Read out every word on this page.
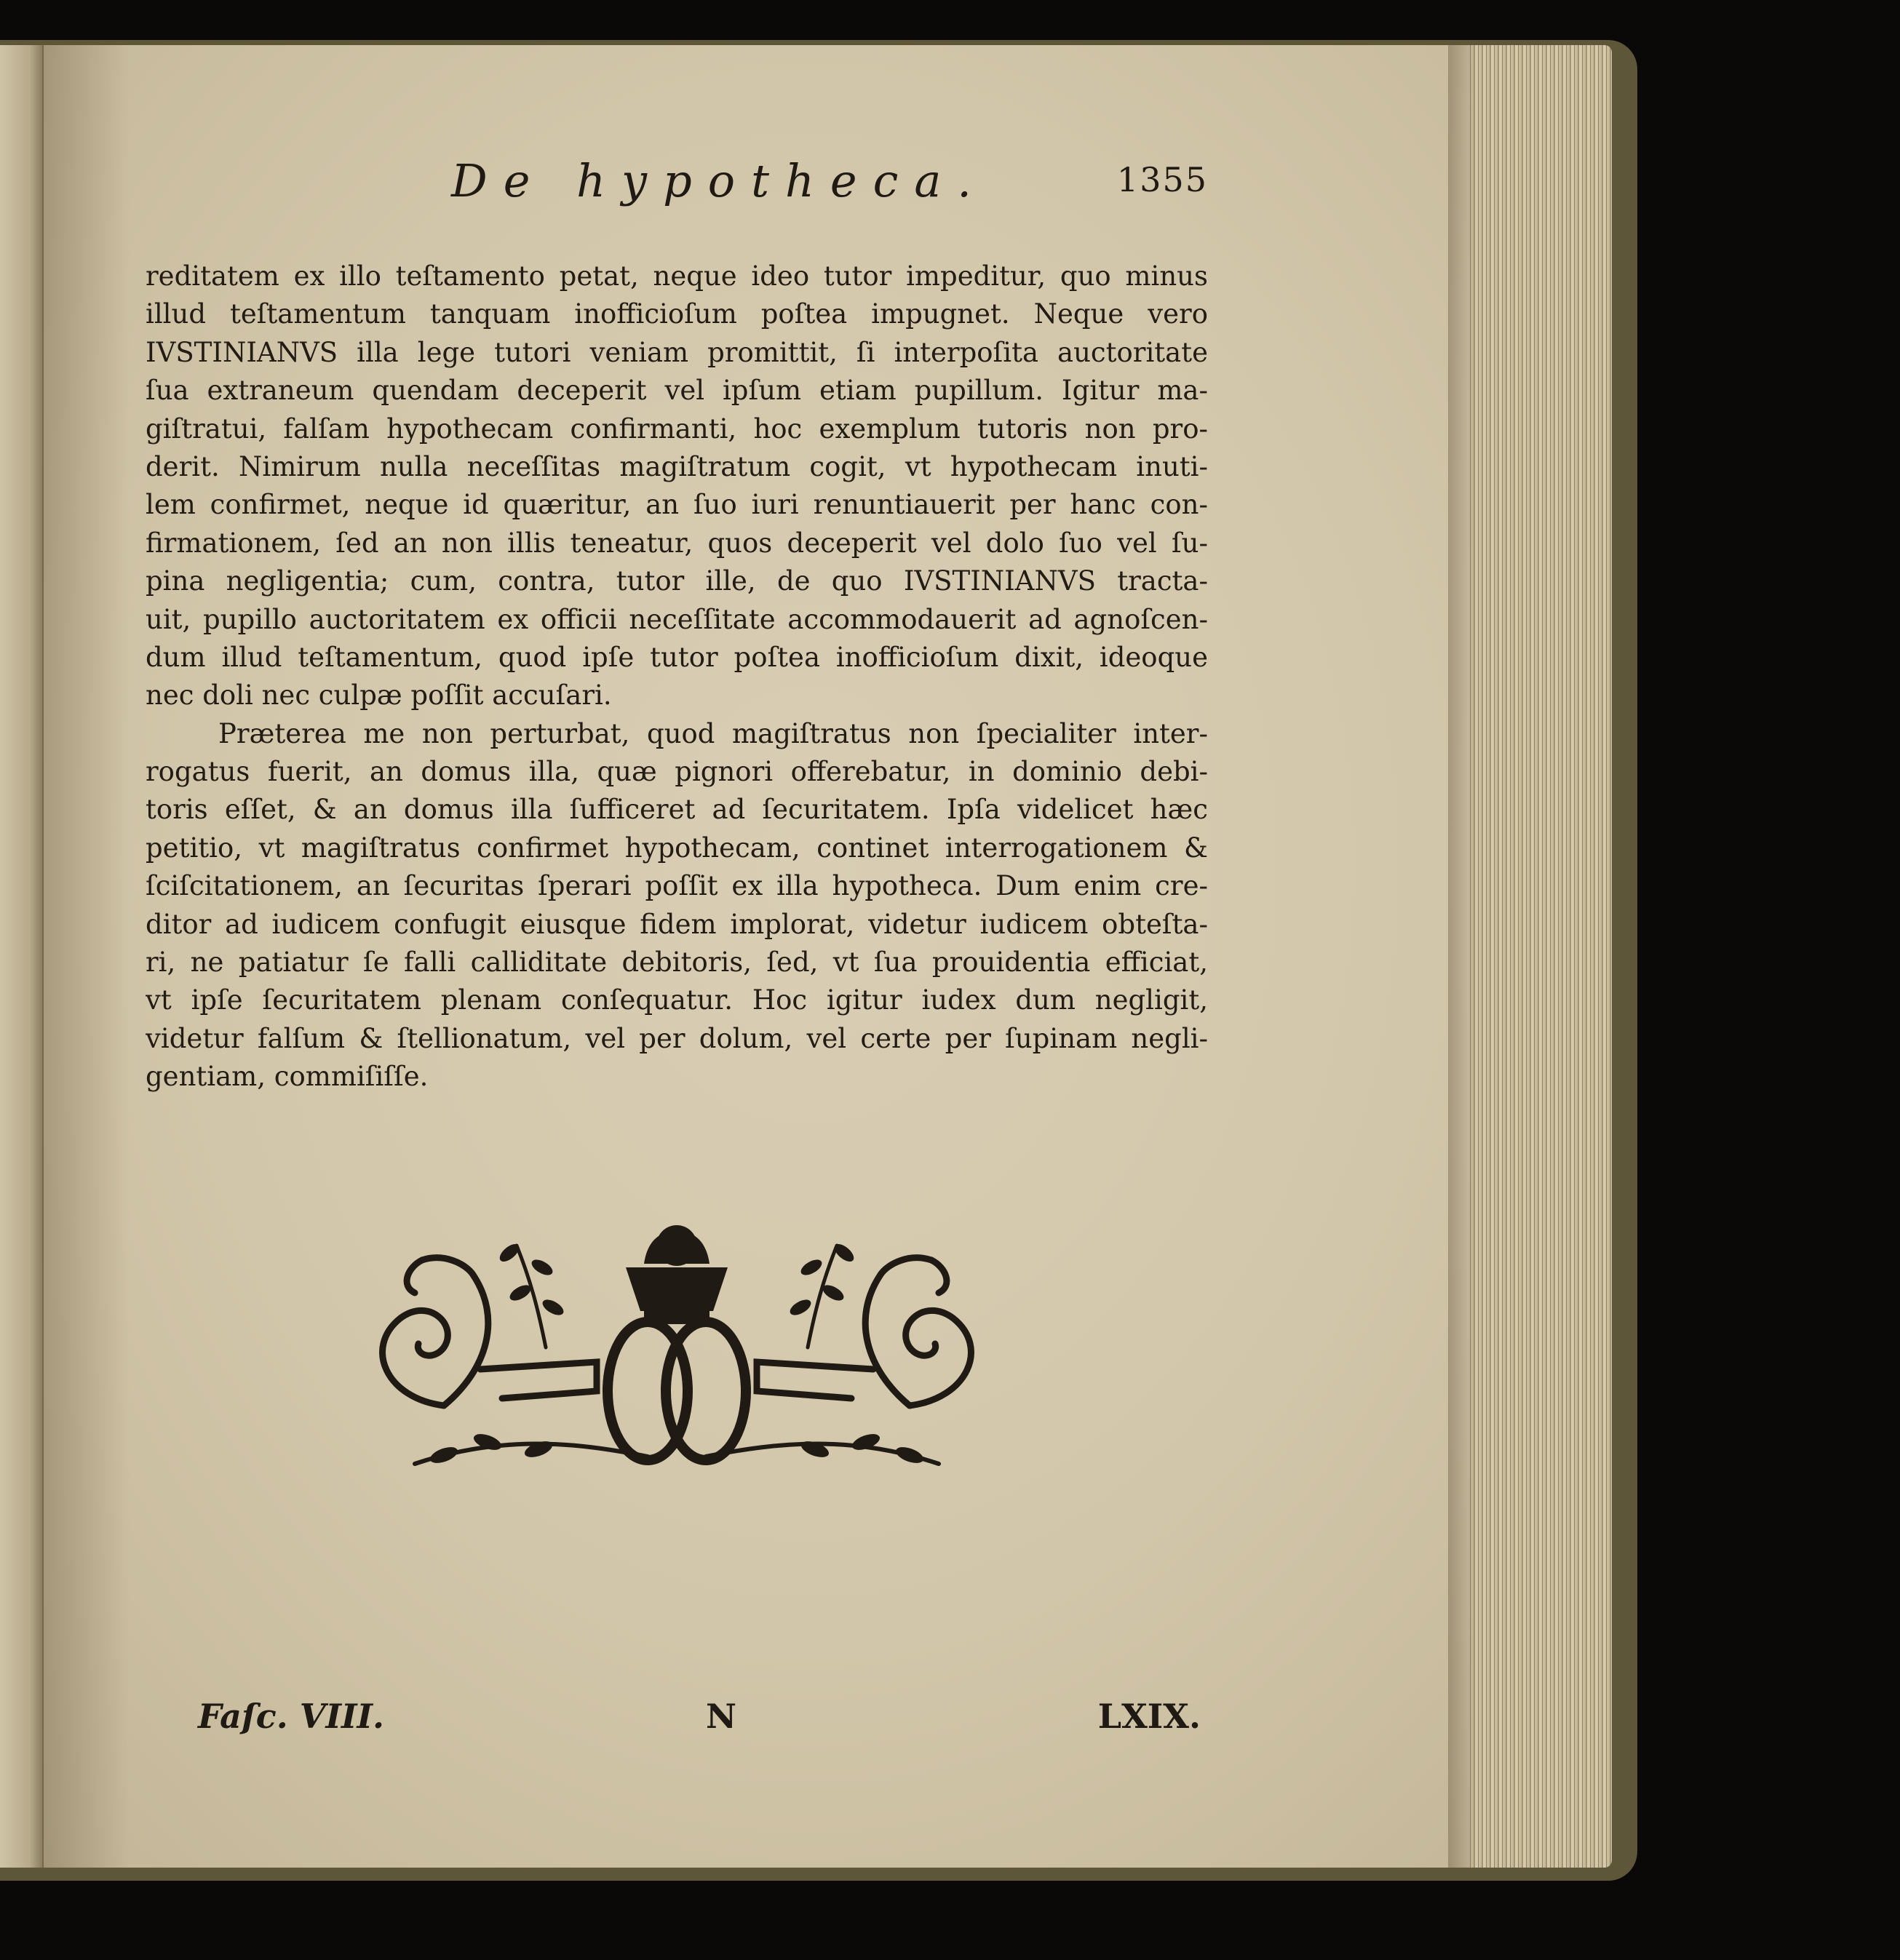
De hypotheca.	1355
reditatem ex illo teſtamento petat, neque ideo tutor impeditur, quo minus
illud teſtamentum tanquam inofficioſum poſtea impugnet. Neque vero
IVSTINIANVS illa lege tutori veniam promittit, ſi interpoſita auctoritate
ſua extraneum quendam deceperit vel ipſum etiam pupillum. Igitur ma-
giſtratui, falſam hypothecam confirmanti, hoc exemplum tutoris non pro-
derit. Nimirum nulla neceſſitas magiſtratum cogit, vt hypothecam inuti-
lem confirmet, neque id quæritur, an ſuo iuri renuntiauerit per hanc con-
firmationem, ſed an non illis teneatur, quos deceperit vel dolo ſuo vel ſu-
pina negligentia; cum, contra, tutor ille, de quo IVSTINIANVS tracta-
uit, pupillo auctoritatem ex officii neceſſitate accommodauerit ad agnoſcen-
dum illud teſtamentum, quod ipſe tutor poſtea inofficioſum dixit, ideoque
nec doli nec culpæ poſſit accuſari.
Præterea me non perturbat, quod magiſtratus non ſpecialiter inter-
rogatus fuerit, an domus illa, quæ pignori offerebatur, in dominio debi-
toris eſſet, & an domus illa ſufficeret ad ſecuritatem. Ipſa videlicet hæc
petitio, vt magiſtratus confirmet hypothecam, continet interrogationem &
ſciſcitationem, an ſecuritas ſperari poſſit ex illa hypotheca. Dum enim cre-
ditor ad iudicem confugit eiusque fidem implorat, videtur iudicem obteſta-
ri, ne patiatur ſe falli calliditate debitoris, ſed, vt ſua prouidentia efficiat,
vt ipſe ſecuritatem plenam conſequatur. Hoc igitur iudex dum negligit,
videtur falſum & ſtellionatum, vel per dolum, vel certe per ſupinam negli-
gentiam, commiſiſſe.
Faſc. VIII.	N	LXIX.
